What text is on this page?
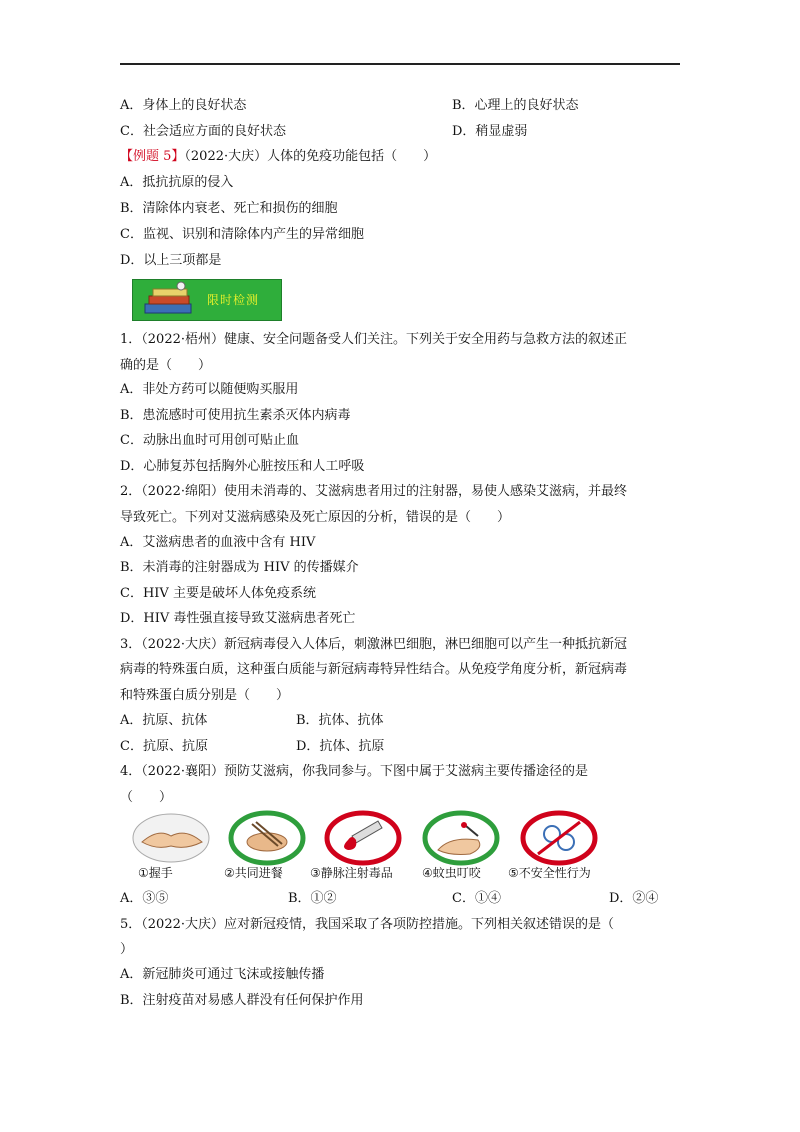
A．身体上的良好状态	B．心理上的良好状态
C．社会适应方面的良好状态	D．稍显虚弱
【例题 5】（2022·大庆）人体的免疫功能包括（　　）
A．抵抗抗原的侵入
B．清除体内衰老、死亡和损伤的细胞
C．监视、识别和清除体内产生的异常细胞
D．以上三项都是
限时检测
1．（2022·梧州）健康、安全问题备受人们关注。下列关于安全用药与急救方法的叙述正
确的是（　　）
A．非处方药可以随便购买服用
B．患流感时可使用抗生素杀灭体内病毒
C．动脉出血时可用创可贴止血
D．心肺复苏包括胸外心脏按压和人工呼吸
2．（2022·绵阳）使用未消毒的、艾滋病患者用过的注射器，易使人感染艾滋病，并最终
导致死亡。下列对艾滋病感染及死亡原因的分析，错误的是（　　）
A．艾滋病患者的血液中含有 HIV
B．未消毒的注射器成为 HIV 的传播媒介
C．HIV 主要是破坏人体免疫系统
D．HIV 毒性强直接导致艾滋病患者死亡
3．（2022·大庆）新冠病毒侵入人体后，刺激淋巴细胞，淋巴细胞可以产生一种抵抗新冠
病毒的特殊蛋白质，这种蛋白质能与新冠病毒特异性结合。从免疫学角度分析，新冠病毒
和特殊蛋白质分别是（　　）
A．抗原、抗体	B．抗体、抗体
C．抗原、抗原	D．抗体、抗原
4．（2022·襄阳）预防艾滋病，你我同参与。下图中属于艾滋病主要传播途径的是
（　　）
①握手	②共同进餐 ③静脉注射毒品 ④蚊虫叮咬 ⑤不安全性行为
A．③⑤	B．①②	C．①④	D．②④
5．（2022·大庆）应对新冠疫情，我国采取了各项防控措施。下列相关叙述错误的是（
）
A．新冠肺炎可通过飞沫或接触传播
B．注射疫苗对易感人群没有任何保护作用
